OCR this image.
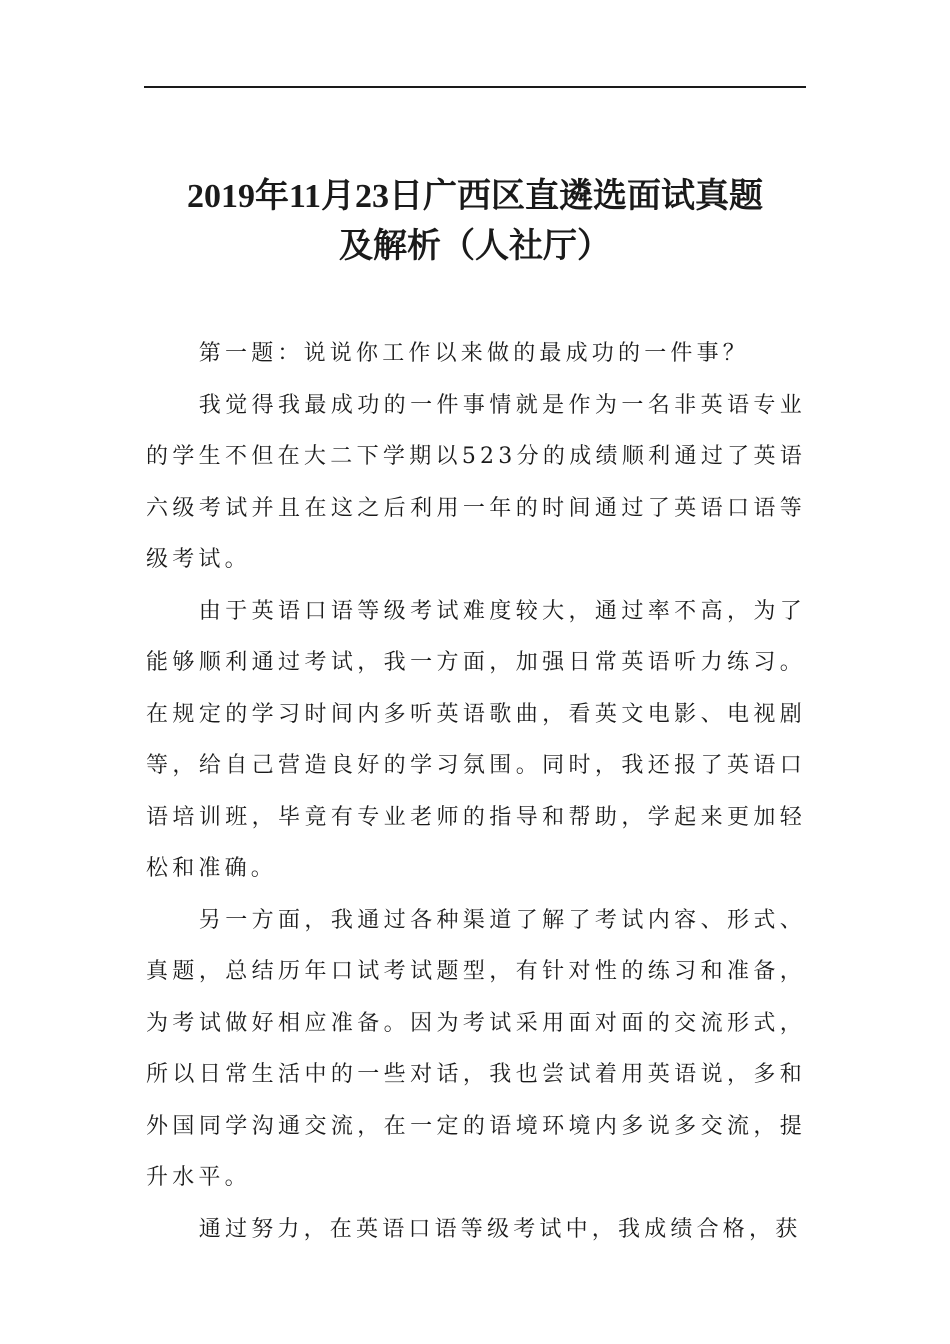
2019年11月23日广西区直遴选面试真题
及解析（人社厅）

第一题：说说你工作以来做的最成功的一件事？

我觉得我最成功的一件事情就是作为一名非英语专业的学生不但在大二下学期以523分的成绩顺利通过了英语六级考试并且在这之后利用一年的时间通过了英语口语等级考试。

由于英语口语等级考试难度较大，通过率不高，为了能够顺利通过考试，我一方面，加强日常英语听力练习。在规定的学习时间内多听英语歌曲，看英文电影、电视剧等，给自己营造良好的学习氛围。同时，我还报了英语口语培训班，毕竟有专业老师的指导和帮助，学起来更加轻松和准确。

另一方面，我通过各种渠道了解了考试内容、形式、真题，总结历年口试考试题型，有针对性的练习和准备，为考试做好相应准备。因为考试采用面对面的交流形式，所以日常生活中的一些对话，我也尝试着用英语说，多和外国同学沟通交流，在一定的语境环境内多说多交流，提升水平。

通过努力，在英语口语等级考试中，我成绩合格，获
